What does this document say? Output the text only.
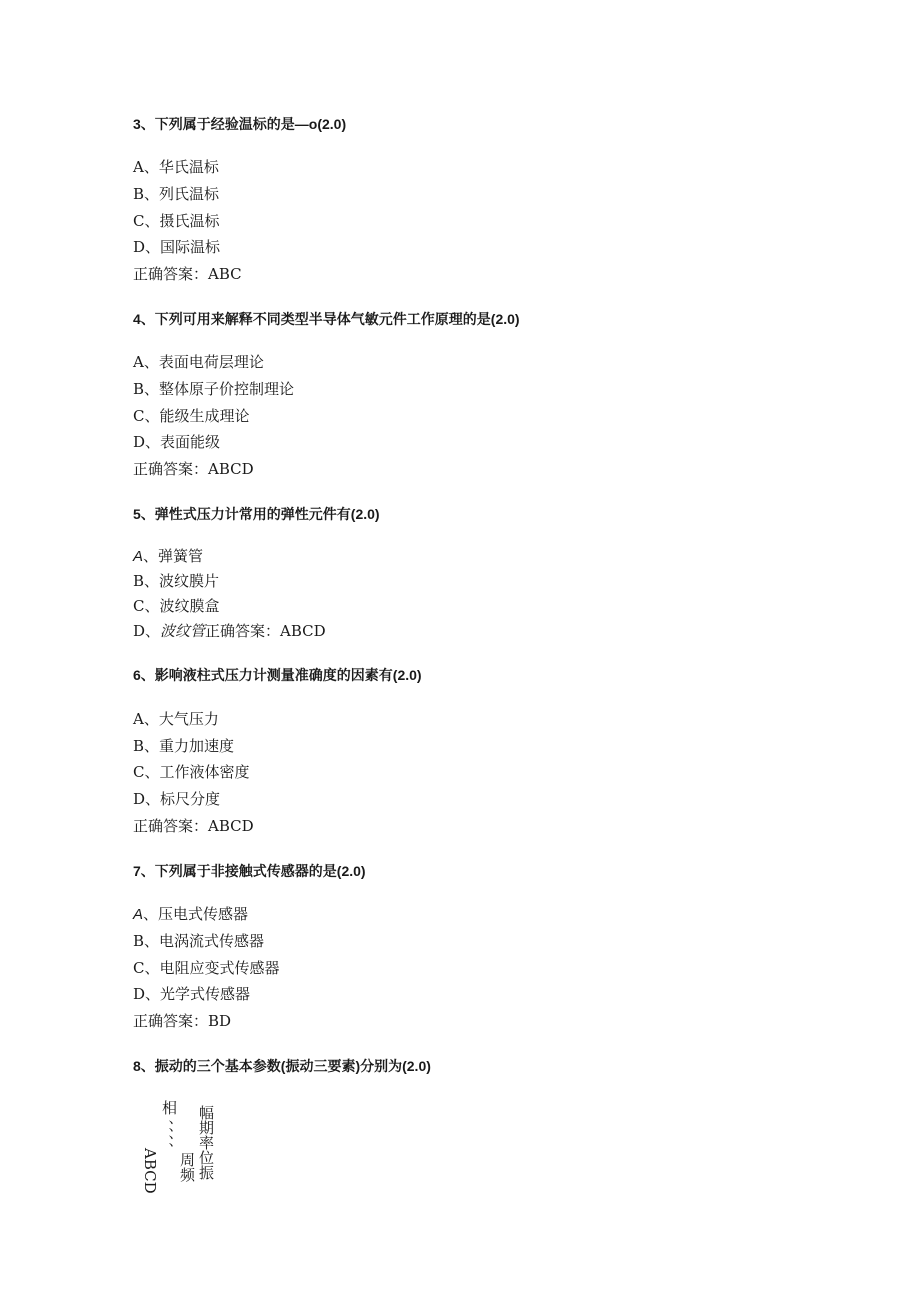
3、下列属于经验温标的是—o(2.0)
A、华氏温标
B、列氏温标
C、摄氏温标
D、国际温标
正确答案：ABC
4、下列可用来解释不同类型半导体气敏元件工作原理的是(2.0)
A、表面电荷层理论
B、整体原子价控制理论
C、能级生成理论
D、表面能级
正确答案：ABCD
5、弹性式压力计常用的弹性元件有(2.0)
A、弹簧管
B、波纹膜片
C、波纹膜盒
D、波纹管正确答案：ABCD
6、影响液柱式压力计测量准确度的因素有(2.0)
A、大气压力
B、重力加速度
C、工作液体密度
D、标尺分度
正确答案：ABCD
7、下列属于非接触式传感器的是(2.0)
A、压电式传感器
B、电涡流式传感器
C、电阻应变式传感器
D、光学式传感器
正确答案：BD
8、振动的三个基本参数(振动三要素)分别为(2.0)
ABCD
、、、、
相
周频 幅期率位振
